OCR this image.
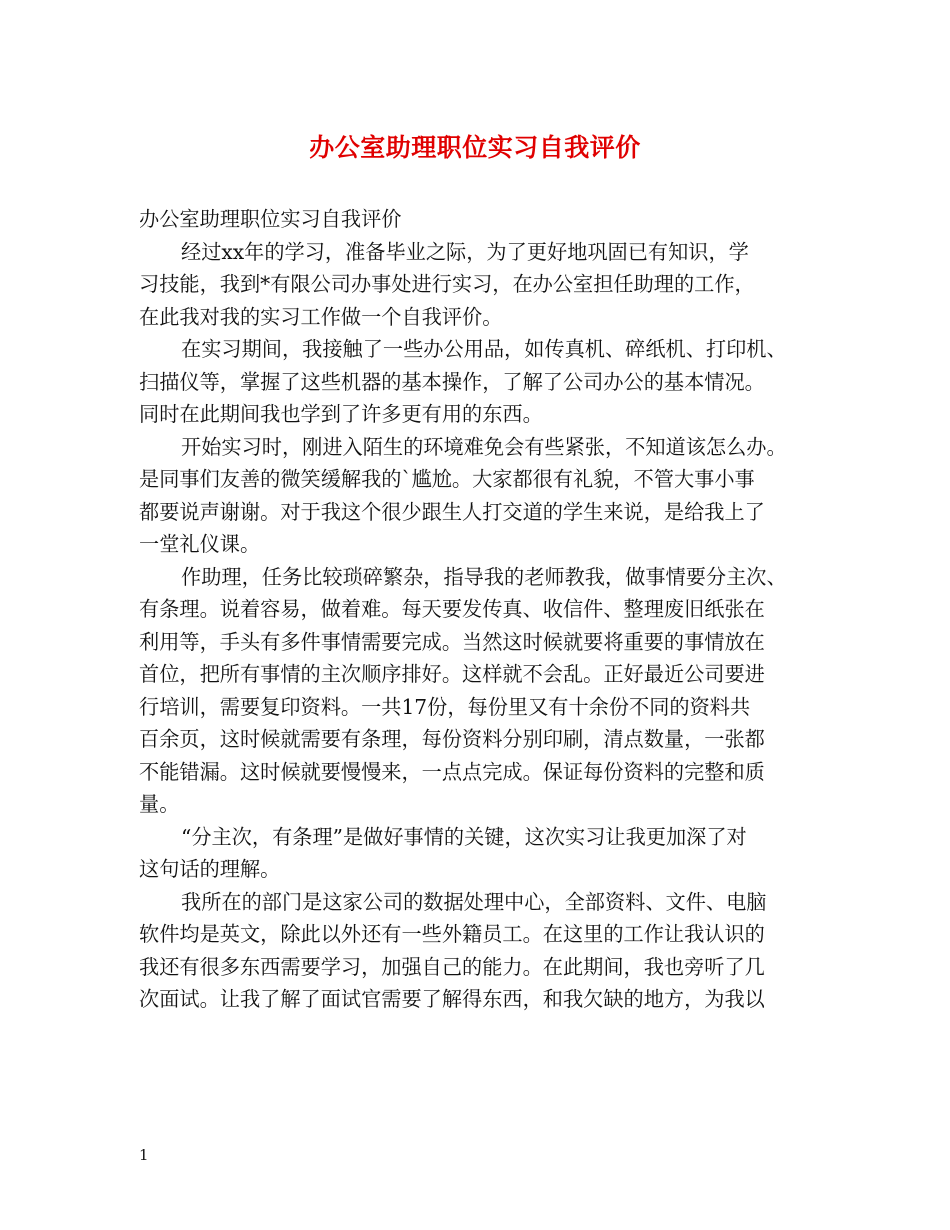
办公室助理职位实习自我评价
办公室助理职位实习自我评价
经过xx年的学习，准备毕业之际，为了更好地巩固已有知识，学
习技能，我到*有限公司办事处进行实习，在办公室担任助理的工作，
在此我对我的实习工作做一个自我评价。
在实习期间，我接触了一些办公用品，如传真机、碎纸机、打印机、
扫描仪等，掌握了这些机器的基本操作，了解了公司办公的基本情况。
同时在此期间我也学到了许多更有用的东西。
开始实习时，刚进入陌生的环境难免会有些紧张，不知道该怎么办。
是同事们友善的微笑缓解我的`尴尬。大家都很有礼貌，不管大事小事
都要说声谢谢。对于我这个很少跟生人打交道的学生来说，是给我上了
一堂礼仪课。
作助理，任务比较琐碎繁杂，指导我的老师教我，做事情要分主次、
有条理。说着容易，做着难。每天要发传真、收信件、整理废旧纸张在
利用等，手头有多件事情需要完成。当然这时候就要将重要的事情放在
首位，把所有事情的主次顺序排好。这样就不会乱。正好最近公司要进
行培训，需要复印资料。一共17份，每份里又有十余份不同的资料共
百余页，这时候就需要有条理，每份资料分别印刷，清点数量，一张都
不能错漏。这时候就要慢慢来，一点点完成。保证每份资料的完整和质
量。
“分主次，有条理”是做好事情的关键，这次实习让我更加深了对
这句话的理解。
我所在的部门是这家公司的数据处理中心，全部资料、文件、电脑
软件均是英文，除此以外还有一些外籍员工。在这里的工作让我认识的
我还有很多东西需要学习，加强自己的能力。在此期间，我也旁听了几
次面试。让我了解了面试官需要了解得东西，和我欠缺的地方，为我以
1
